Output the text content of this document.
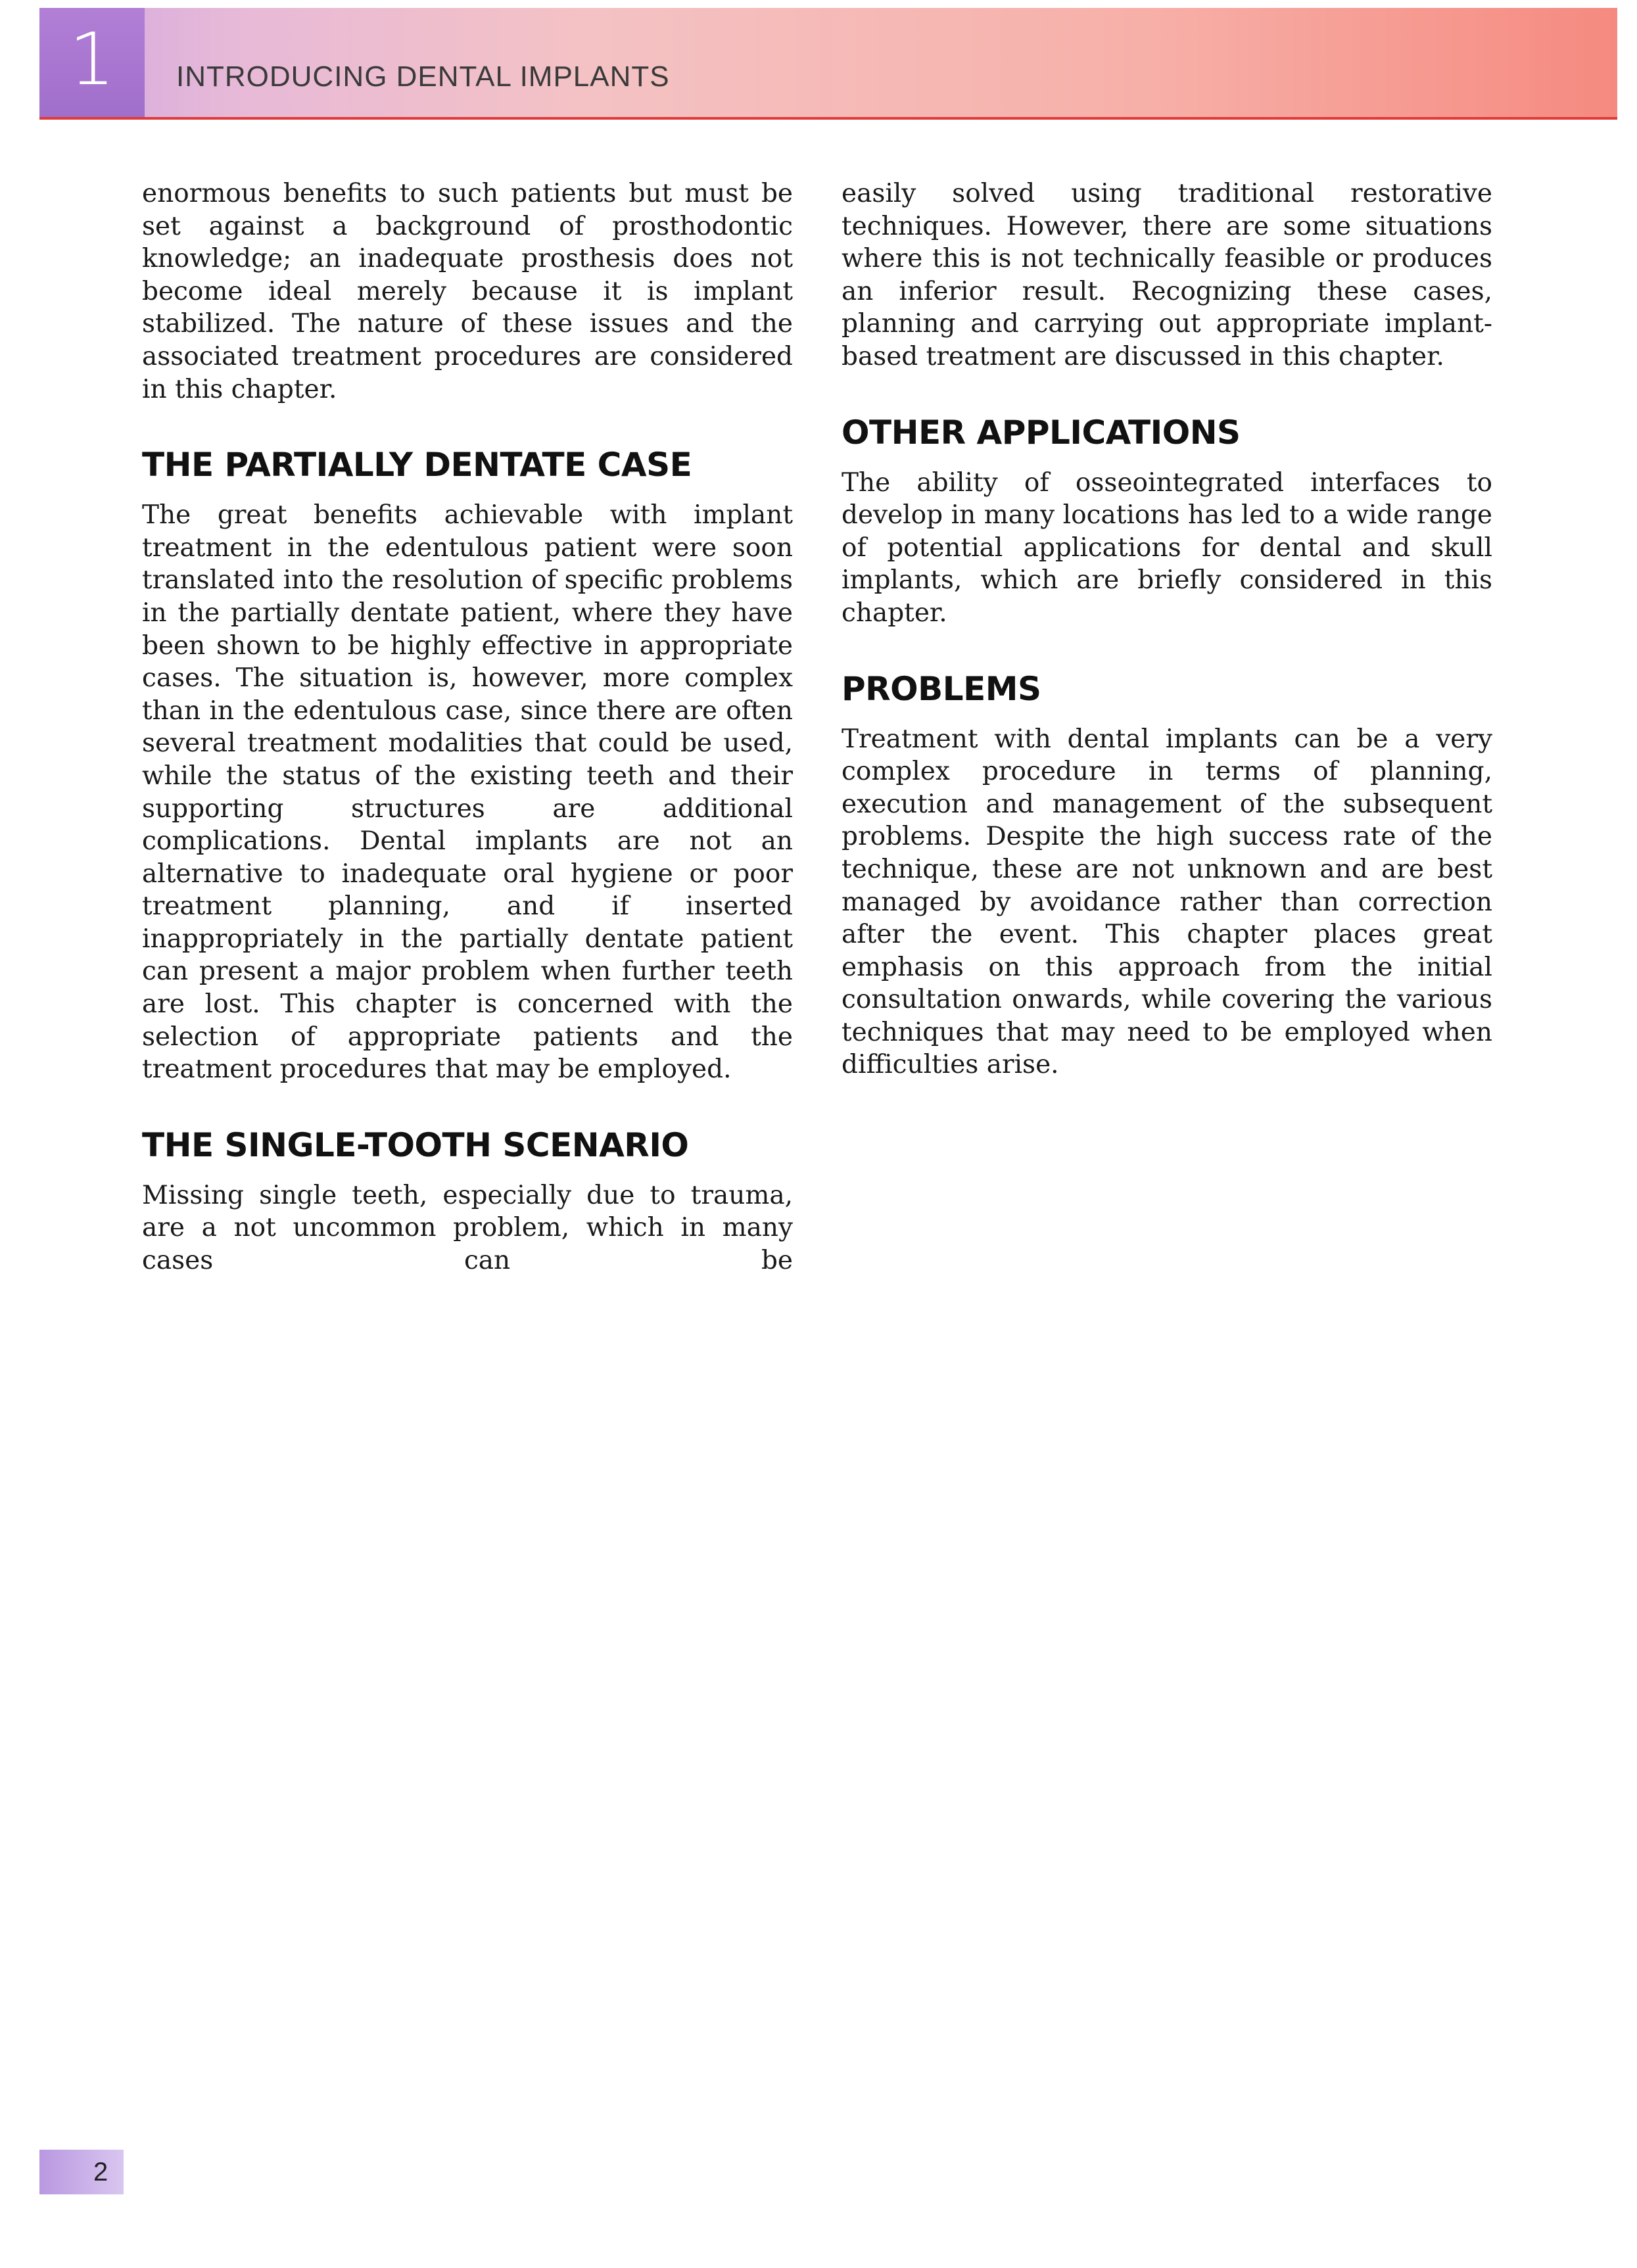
1	INTRODUCING DENTAL IMPLANTS

enormous benefits to such patients but must be set against a background of prosthodontic knowledge; an inadequate prosthesis does not become ideal merely because it is implant stabilized. The nature of these issues and the associated treatment procedures are considered in this chapter.

THE PARTIALLY DENTATE CASE

The great benefits achievable with implant treatment in the edentulous patient were soon translated into the resolution of specific problems in the partially dentate patient, where they have been shown to be highly effective in appropriate cases. The situation is, however, more complex than in the edentulous case, since there are often several treatment modalities that could be used, while the status of the existing teeth and their supporting structures are additional complications. Dental implants are not an alternative to inadequate oral hygiene or poor treatment planning, and if inserted inappropriately in the partially dentate patient can present a major problem when further teeth are lost. This chapter is concerned with the selection of appropriate patients and the treatment procedures that may be employed.

THE SINGLE-TOOTH SCENARIO

Missing single teeth, especially due to trauma, are a not uncommon problem, which in many cases can be

easily solved using traditional restorative techniques. However, there are some situations where this is not technically feasible or produces an inferior result. Recognizing these cases, planning and carrying out appropriate implant-based treatment are discussed in this chapter.

OTHER APPLICATIONS

The ability of osseointegrated interfaces to develop in many locations has led to a wide range of potential applications for dental and skull implants, which are briefly considered in this chapter.

PROBLEMS

Treatment with dental implants can be a very complex procedure in terms of planning, execution and management of the subsequent problems. Despite the high success rate of the technique, these are not unknown and are best managed by avoidance rather than correction after the event. This chapter places great emphasis on this approach from the initial consultation onwards, while covering the various techniques that may need to be employed when difficulties arise.

2
